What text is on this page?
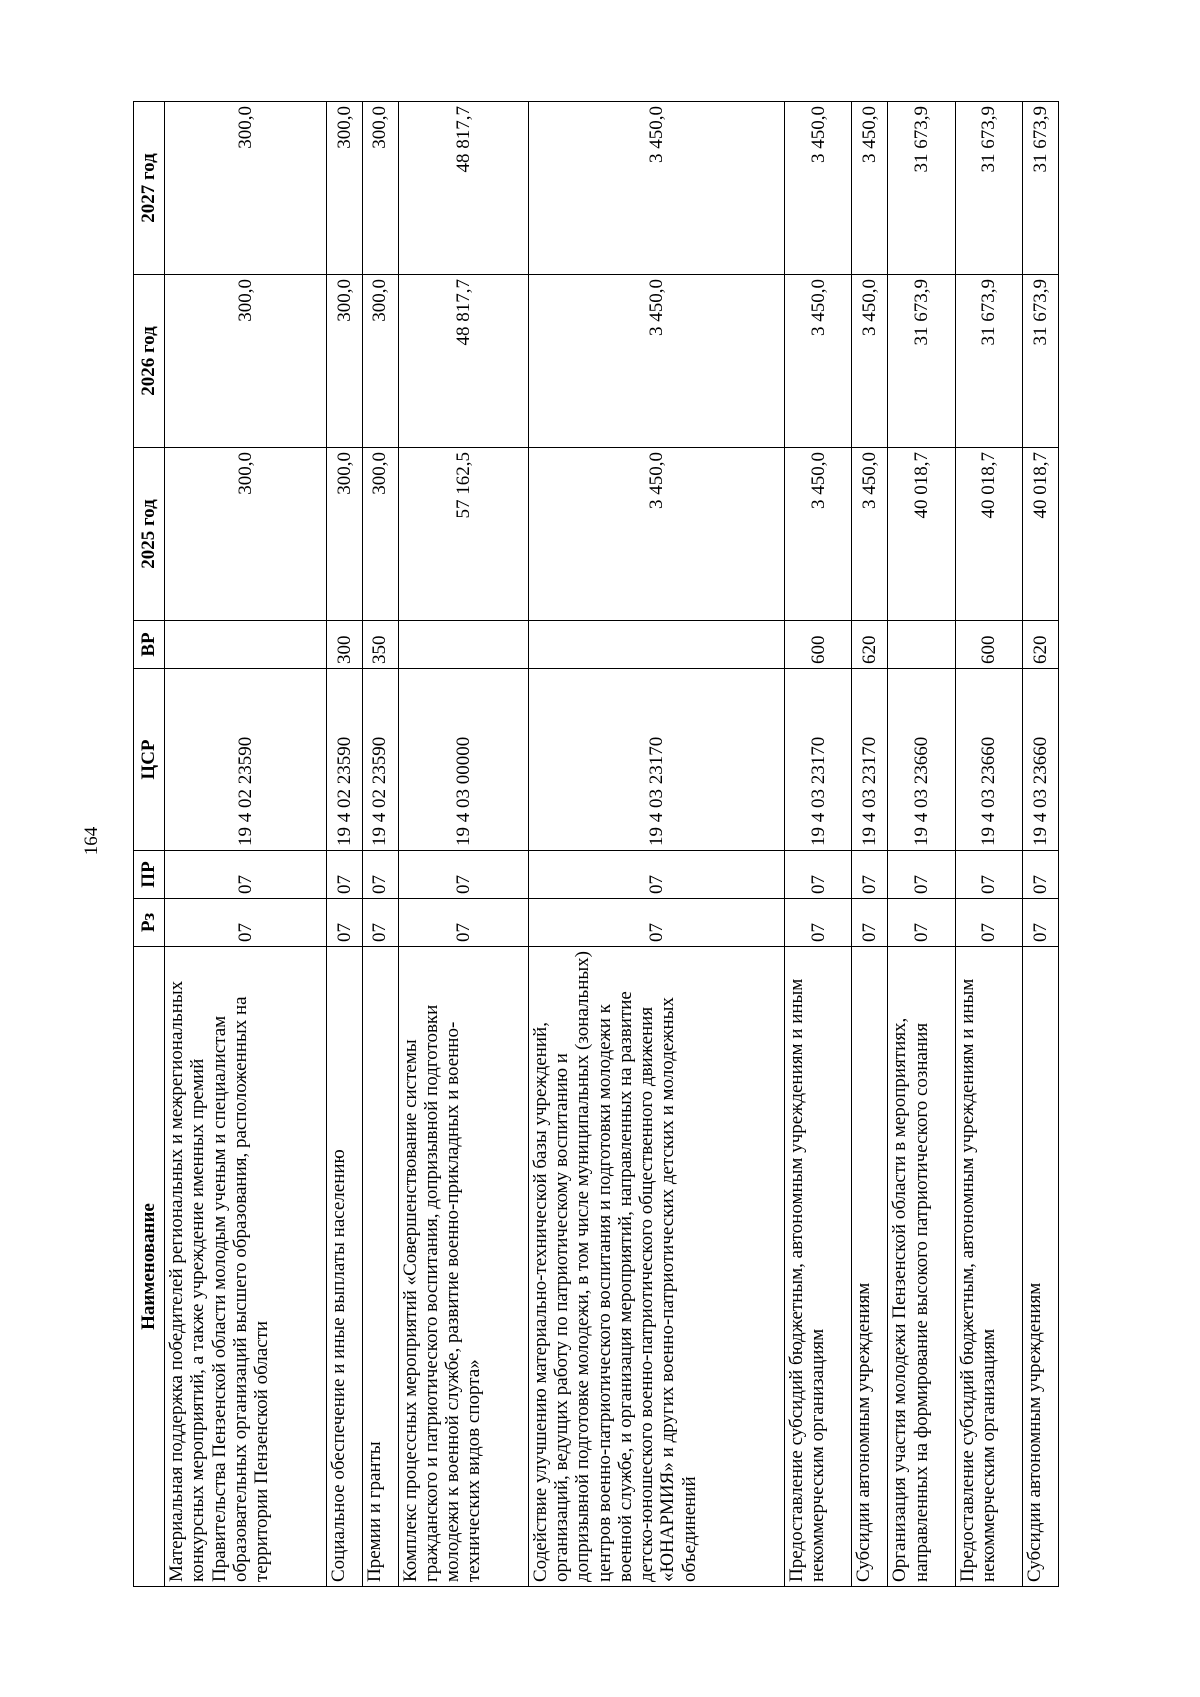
164
Наименование	Рз	ПР	ЦСР	ВР	2025 год	2026 год	2027 год
Материальная поддержка победителей региональных и межрегиональных конкурсных мероприятий, а также учреждение именных премий Правительства Пензенской области молодым ученым и специалистам образовательных организаций высшего образования, расположенных на территории Пензенской области	07	07	19 4 02 23590		300,0	300,0	300,0
Социальное обеспечение и иные выплаты населению	07	07	19 4 02 23590	300	300,0	300,0	300,0
Премии и гранты	07	07	19 4 02 23590	350	300,0	300,0	300,0
Комплекс процессных мероприятий «Совершенствование системы гражданского и патриотического воспитания, допризывной подготовки молодежи к военной службе, развитие военно-прикладных и военно-технических видов спорта»	07	07	19 4 03 00000		57 162,5	48 817,7	48 817,7
Содействие улучшению материально-технической базы учреждений, организаций, ведущих работу по патриотическому воспитанию и допризывной подготовке молодежи, в том числе муниципальных (зональных) центров военно-патриотического воспитания и подготовки молодежи к военной службе, и организация мероприятий, направленных на развитие детско-юношеского военно-патриотического общественного движения «ЮНАРМИЯ» и других военно-патриотических детских и молодежных объединений	07	07	19 4 03 23170		3 450,0	3 450,0	3 450,0
Предоставление субсидий бюджетным, автономным учреждениям и иным некоммерческим организациям	07	07	19 4 03 23170	600	3 450,0	3 450,0	3 450,0
Субсидии автономным учреждениям	07	07	19 4 03 23170	620	3 450,0	3 450,0	3 450,0
Организация участия молодежи Пензенской области в мероприятиях, направленных на формирование высокого патриотического сознания	07	07	19 4 03 23660		40 018,7	31 673,9	31 673,9
Предоставление субсидий бюджетным, автономным учреждениям и иным некоммерческим организациям	07	07	19 4 03 23660	600	40 018,7	31 673,9	31 673,9
Субсидии автономным учреждениям	07	07	19 4 03 23660	620	40 018,7	31 673,9	31 673,9
